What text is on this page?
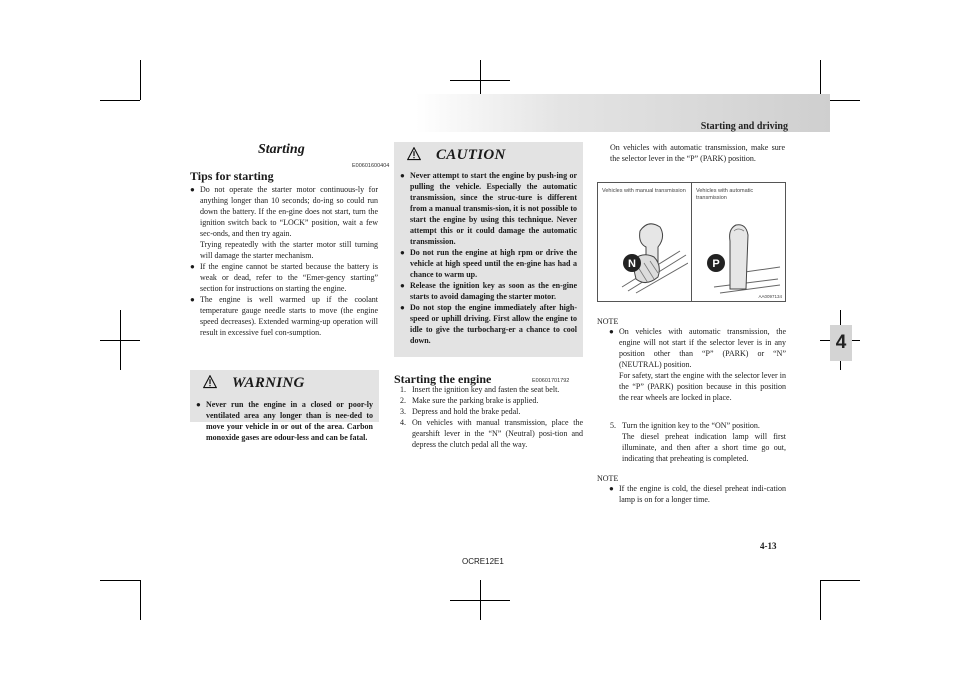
Starting and driving
4
Starting
E00601600404
Tips for starting
● Do not operate the starter motor continuous-ly for anything longer than 10 seconds; do-ing so could run down the battery. If the en-gine does not start, turn the ignition switch back to “LOCK” position, wait a few sec-onds, and then try again.
Trying repeatedly with the starter motor still turning will damage the starter mechanism.
● If the engine cannot be started because the battery is weak or dead, refer to the “Emer-gency starting” section for instructions on starting the engine.
● The engine is well warmed up if the coolant temperature gauge needle starts to move (the engine speed decreases). Extended warming-up operation will result in excessive fuel con-sumption.
WARNING
● Never run the engine in a closed or poor-ly ventilated area any longer than is nee-ded to move your vehicle in or out of the area. Carbon monoxide gases are odour-less and can be fatal.
CAUTION
● Never attempt to start the engine by push-ing or pulling the vehicle. Especially the automatic transmission, since the struc-ture is different from a manual transmis-sion, it is not possible to start the engine by using this technique. Never attempt this or it could damage the automatic transmission.
● Do not run the engine at high rpm or drive the vehicle at high speed until the en-gine has had a chance to warm up.
● Release the ignition key as soon as the en-gine starts to avoid damaging the starter motor.
● Do not stop the engine immediately after high-speed or uphill driving. First allow the engine to idle to give the turbocharg-er a chance to cool down.
Starting the engine	E00601701792
1. Insert the ignition key and fasten the seat belt.
2. Make sure the parking brake is applied.
3. Depress and hold the brake pedal.
4. On vehicles with manual transmission, place the gearshift lever in the “N” (Neutral) posi-tion and depress the clutch pedal all the way.
On vehicles with automatic transmission, make sure the selector lever in the “P” (PARK) position.
Vehicles with manual transmission	Vehicles with automatic transmission
N	P
AA0097134
NOTE
● On vehicles with automatic transmission, the engine will not start if the selector lever is in any position other than “P” (PARK) or “N” (NEUTRAL) position.
For safety, start the engine with the selector lever in the “P” (PARK) position because in this position the rear wheels are locked in place.
5. Turn the ignition key to the “ON” position.
The diesel preheat indication lamp will first illuminate, and then after a short time go out, indicating that preheating is completed.
NOTE
● If the engine is cold, the diesel preheat indi-cation lamp is on for a longer time.
OCRE12E1
4-13
